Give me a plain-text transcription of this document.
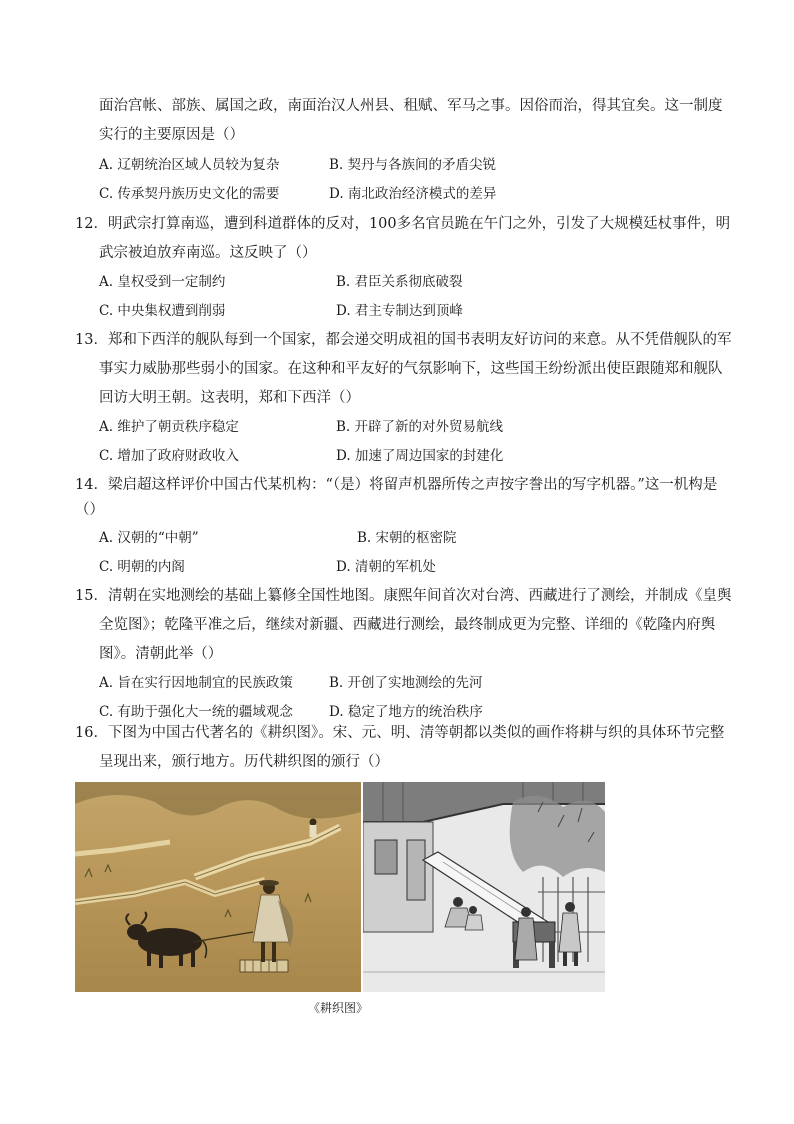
面治宫帐、部族、属国之政，南面治汉人州县、租赋、军马之事。因俗而治，得其宜矣。这一制度
实行的主要原因是（）
A. 辽朝统治区域人员较为复杂	B. 契丹与各族间的矛盾尖锐
C. 传承契丹族历史文化的需要	D. 南北政治经济模式的差异
12．明武宗打算南巡，遭到科道群体的反对，100多名官员跪在午门之外，引发了大规模廷杖事件，明
武宗被迫放弃南巡。这反映了（）
A. 皇权受到一定制约	B. 君臣关系彻底破裂
C. 中央集权遭到削弱	D. 君主专制达到顶峰
13．郑和下西洋的舰队每到一个国家，都会递交明成祖的国书表明友好访问的来意。从不凭借舰队的军
事实力威胁那些弱小的国家。在这种和平友好的气氛影响下，这些国王纷纷派出使臣跟随郑和舰队
回访大明王朝。这表明，郑和下西洋（）
A. 维护了朝贡秩序稳定	B. 开辟了新的对外贸易航线
C. 增加了政府财政收入	D. 加速了周边国家的封建化
14．梁启超这样评价中国古代某机构：“（是）将留声机器所传之声按字誊出的写字机器。”这一机构是
（）
A. 汉朝的“中朝”	B. 宋朝的枢密院
C. 明朝的内阁	D. 清朝的军机处
15．清朝在实地测绘的基础上纂修全国性地图。康熙年间首次对台湾、西藏进行了测绘，并制成《皇舆
全览图》；乾隆平准之后，继续对新疆、西藏进行测绘，最终制成更为完整、详细的《乾隆内府舆
图》。清朝此举（）
A. 旨在实行因地制宜的民族政策	B. 开创了实地测绘的先河
C. 有助于强化大一统的疆域观念	D. 稳定了地方的统治秩序
16．下图为中国古代著名的《耕织图》。宋、元、明、清等朝都以类似的画作将耕与织的具体环节完整
呈现出来，颁行地方。历代耕织图的颁行（）
《耕织图》
